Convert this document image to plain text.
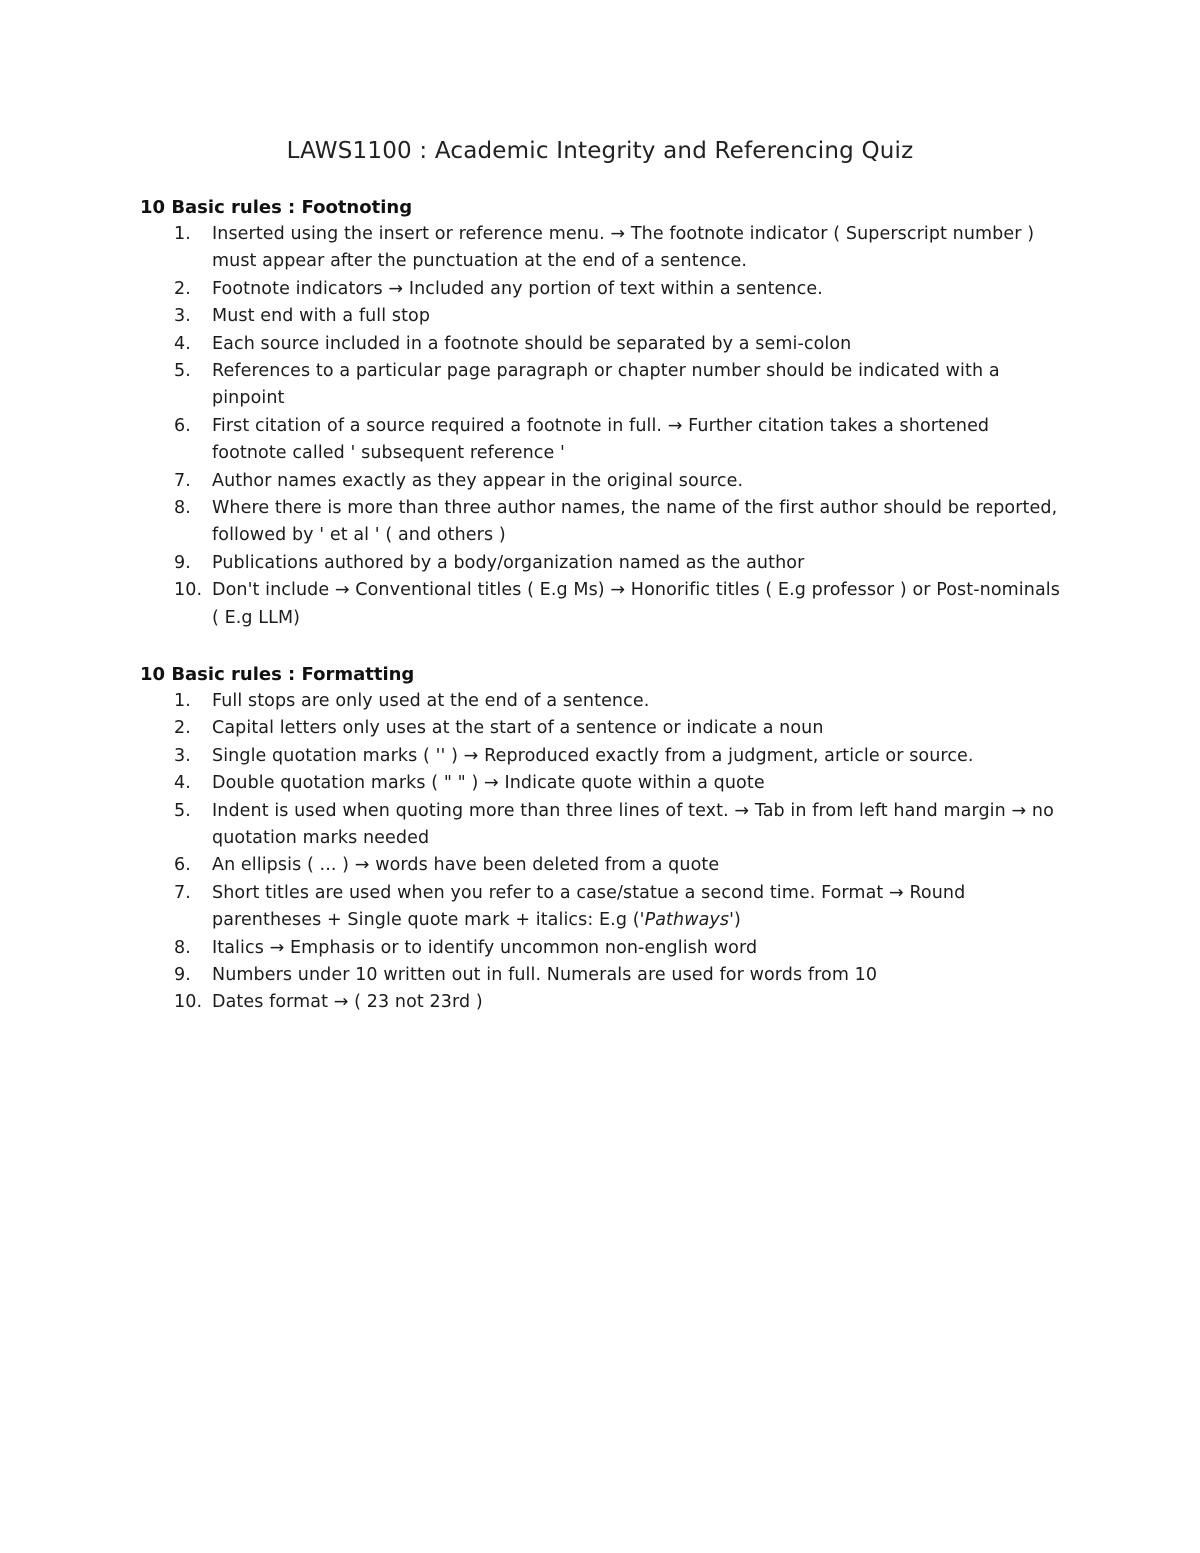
LAWS1100 : Academic Integrity and Referencing Quiz

10 Basic rules : Footnoting

1.	Inserted using the insert or reference menu. → The footnote indicator ( Superscript number ) must appear after the punctuation at the end of a sentence.
2.	Footnote indicators → Included any portion of text within a sentence.
3.	Must end with a full stop
4.	Each source included in a footnote should be separated by a semi-colon
5.	References to a particular page paragraph or chapter number should be indicated with a pinpoint
6.	First citation of a source required a footnote in full. → Further citation takes a shortened footnote called ' subsequent reference '
7.	Author names exactly as they appear in the original source.
8.	Where there is more than three author names, the name of the first author should be reported, followed by ' et al ' ( and others )
9.	Publications authored by a body/organization named as the author
10. Don't include → Conventional titles ( E.g Ms) → Honorific titles ( E.g professor ) or Post-nominals ( E.g LLM)

10 Basic rules : Formatting

1.	Full stops are only used at the end of a sentence.
2.	Capital letters only uses at the start of a sentence or indicate a noun
3.	Single quotation marks ( '' ) → Reproduced exactly from a judgment, article or source.
4.	Double quotation marks ( " " ) → Indicate quote within a quote
5.	Indent is used when quoting more than three lines of text. → Tab in from left hand margin → no quotation marks needed
6.	An ellipsis ( ... ) → words have been deleted from a quote
7.	Short titles are used when you refer to a case/statue a second time. Format → Round parentheses + Single quote mark + italics: E.g ('Pathways')
8.	Italics → Emphasis or to identify uncommon non-english word
9.	Numbers under 10 written out in full. Numerals are used for words from 10
10. Dates format → ( 23 not 23rd )
